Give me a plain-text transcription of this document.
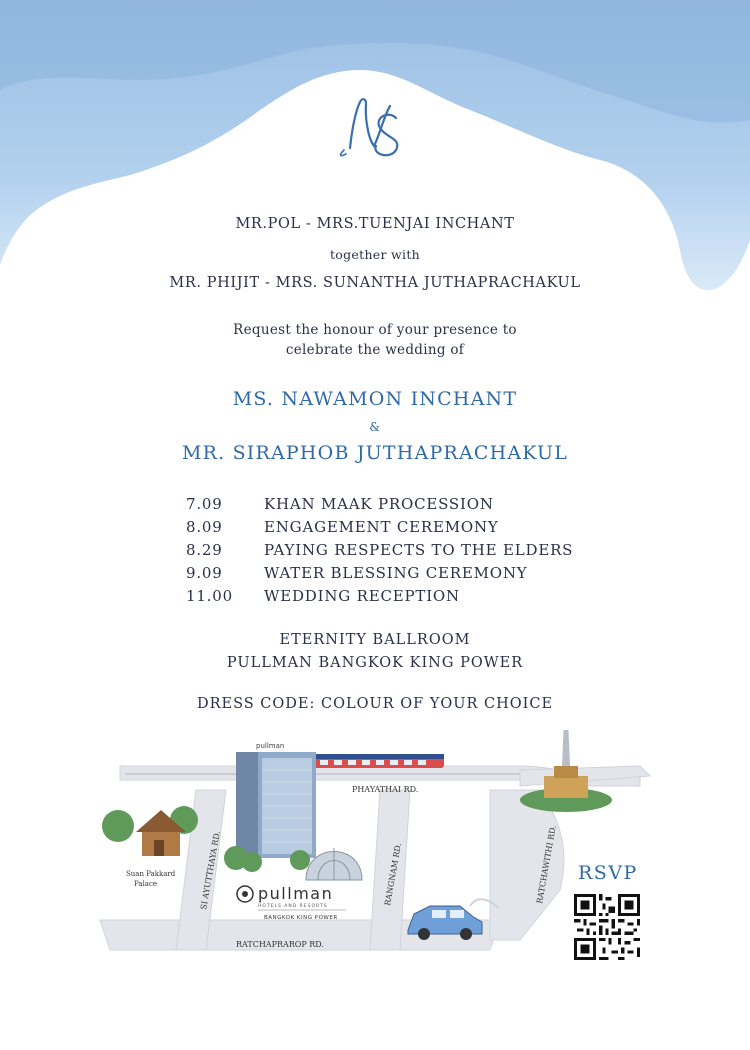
MR.POL - MRS.TUENJAI INCHANT
together with
MR. PHIJIT - MRS. SUNANTHA JUTHAPRACHAKUL
Request the honour of your presence to
celebrate the wedding of
MS. NAWAMON INCHANT
&
MR. SIRAPHOB JUTHAPRACHAKUL
7.09	KHAN MAAK PROCESSION
8.09	ENGAGEMENT CEREMONY
8.29	PAYING RESPECTS TO THE ELDERS
9.09	WATER BLESSING CEREMONY
11.00	WEDDING RECEPTION
ETERNITY BALLROOM
PULLMAN BANGKOK KING POWER
DRESS CODE: COLOUR OF YOUR CHOICE
pullman
Suan Pakkard
Palace
PHAYATHAI RD.
RATCHAPRAROP RD.
SI AYUTTHAYA RD.	RANGNAM RD.	RATCHAWITHI RD.
pullman
HOTELS AND RESORTS
BANGKOK KING POWER
RSVP
